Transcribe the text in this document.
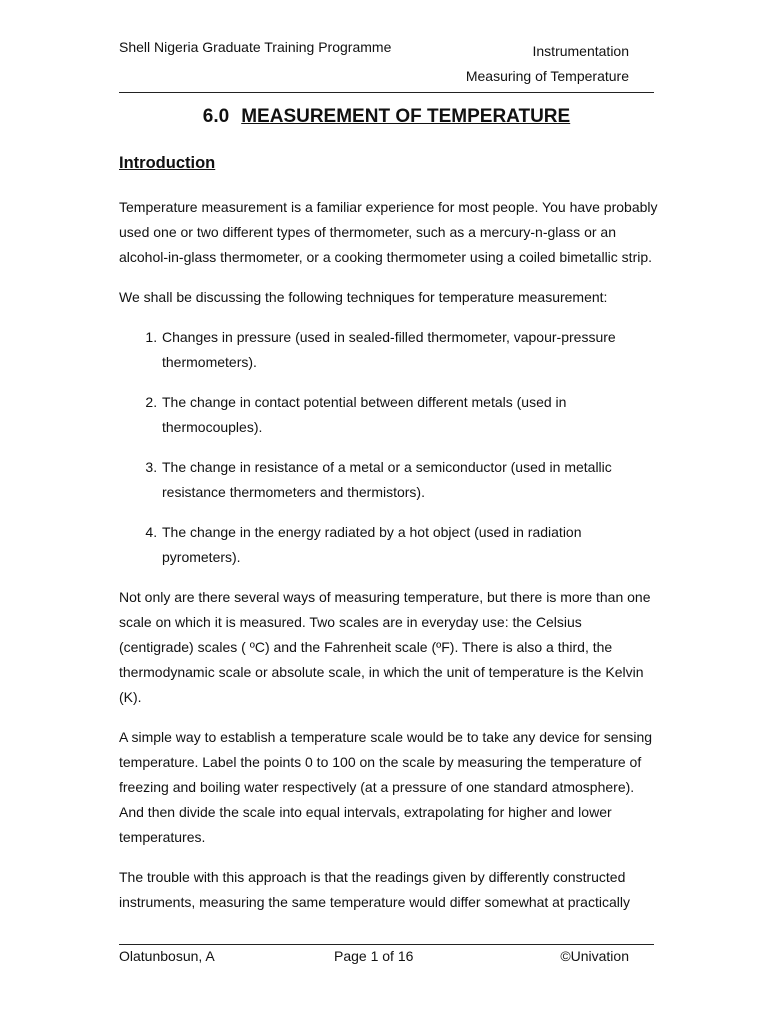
Shell Nigeria Graduate Training Programme	Instrumentation
Measuring of Temperature
6.0 MEASUREMENT OF TEMPERATURE
Introduction

Temperature measurement is a familiar experience for most people. You have probably used one or two different types of thermometer, such as a mercury-n-glass or an alcohol-in-glass thermometer, or a cooking thermometer using a coiled bimetallic strip.

We shall be discussing the following techniques for temperature measurement:

1. Changes in pressure (used in sealed-filled thermometer, vapour-pressure thermometers).
2. The change in contact potential between different metals (used in thermocouples).
3. The change in resistance of a metal or a semiconductor (used in metallic resistance thermometers and thermistors).
4. The change in the energy radiated by a hot object (used in radiation pyrometers).

Not only are there several ways of measuring temperature, but there is more than one scale on which it is measured. Two scales are in everyday use: the Celsius (centigrade) scales ( ºC) and the Fahrenheit scale (ºF). There is also a third, the thermodynamic scale or absolute scale, in which the unit of temperature is the Kelvin (K).

A simple way to establish a temperature scale would be to take any device for sensing temperature. Label the points 0 to 100 on the scale by measuring the temperature of freezing and boiling water respectively (at a pressure of one standard atmosphere). And then divide the scale into equal intervals, extrapolating for higher and lower temperatures.

The trouble with this approach is that the readings given by differently constructed instruments, measuring the same temperature would differ somewhat at practically

Olatunbosun, A	Page 1 of 16	©Univation
